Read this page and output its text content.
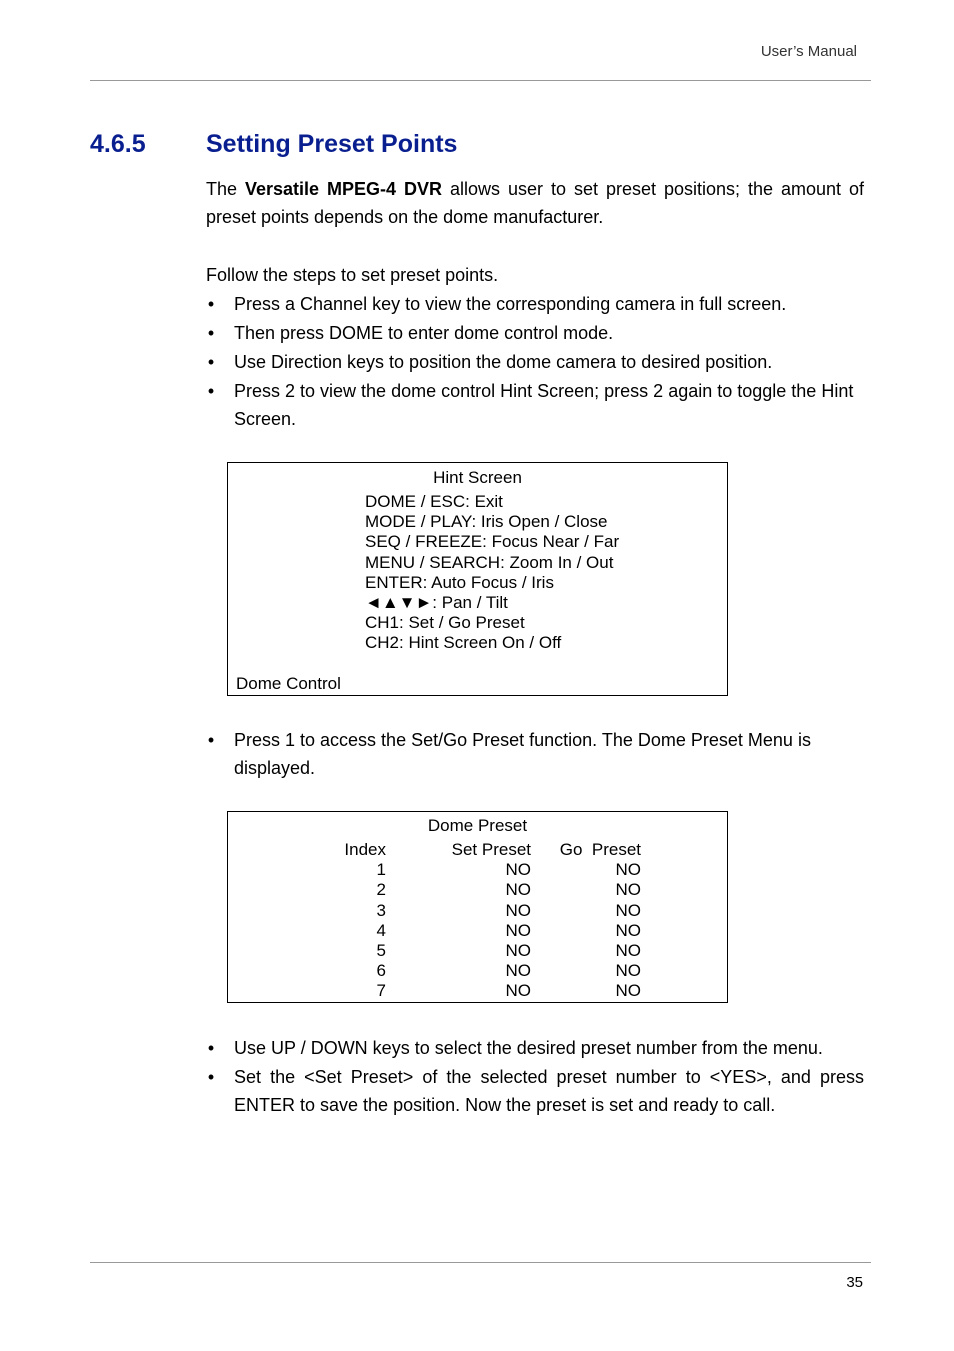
User’s Manual
4.6.5 Setting Preset Points
The Versatile MPEG-4 DVR allows user to set preset positions; the amount of preset points depends on the dome manufacturer.
Follow the steps to set preset points.
• Press a Channel key to view the corresponding camera in full screen.
• Then press DOME to enter dome control mode.
• Use Direction keys to position the dome camera to desired position.
• Press 2 to view the dome control Hint Screen; press 2 again to toggle the Hint Screen.
Hint Screen
DOME / ESC: Exit
MODE / PLAY: Iris Open / Close
SEQ / FREEZE: Focus Near / Far
MENU / SEARCH: Zoom In / Out
ENTER: Auto Focus / Iris
◄▲▼►: Pan / Tilt
CH1: Set / Go Preset
CH2: Hint Screen On / Off
Dome Control
• Press 1 to access the Set/Go Preset function. The Dome Preset Menu is displayed.
Dome Preset
Index	Set Preset Go  Preset
1	NO	NO
2	NO	NO
3	NO	NO
4	NO	NO
5	NO	NO
6	NO	NO
7	NO	NO
• Use UP / DOWN keys to select the desired preset number from the menu.
• Set the <Set Preset> of the selected preset number to <YES>, and press ENTER to save the position. Now the preset is set and ready to call.
35
